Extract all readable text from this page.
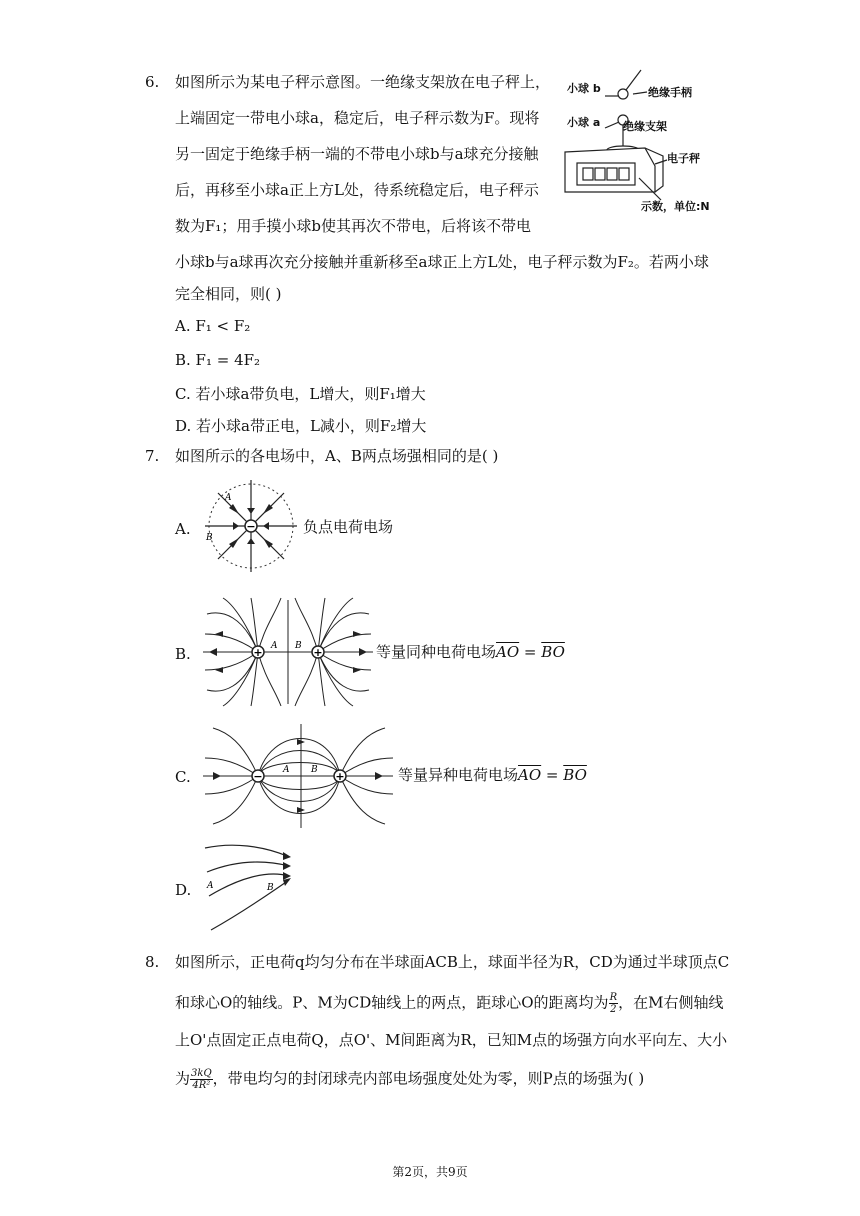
6. 如图所示为某电子秤示意图。一绝缘支架放在电子秤上，
上端固定一带电小球a，稳定后，电子秤示数为F。现将
另一固定于绝缘手柄一端的不带电小球b与a球充分接触
后，再移至小球a正上方L处，待系统稳定后，电子秤示
数为F₁；用手摸小球b使其再次不带电，后将该不带电
小球b与a球再次充分接触并重新移至a球正上方L处，电子秤示数为F₂。若两小球
完全相同，则( )
A. F₁ < F₂
B. F₁ = 4F₂
C. 若小球a带负电，L增大，则F₁增大
D. 若小球a带正电，L减小，则F₂增大
小球 b	绝缘手柄
小球 a 绝缘支架
电子秤
示数，单位:N
7. 如图所示的各电场中，A、B两点场强相同的是( )
A.	−
A
B
负点电荷电场
B.	+	+
A B	等量同种电荷电场$\overline{AO} = \overline{BO}$
C.	−	+
A B	等量异种电荷电场$\overline{AO} = \overline{BO}$
D. A	B
8. 如图所示，正电荷q均匀分布在半球面ACB上，球面半径为R，CD为通过半球顶点C
和球心O的轴线。P、M为CD轴线上的两点，距球心O的距离均为 $\frac{R}{2}$ ，在M右侧轴线
上O'点固定正点电荷Q，点O'、M间距离为R，已知M点的场强方向水平向左、大小
为 $\frac{3kQ}{\text{4R²}}$ ，带电均匀的封闭球壳内部电场强度处处为零，则P点的场强为( )
第2页，共9页
